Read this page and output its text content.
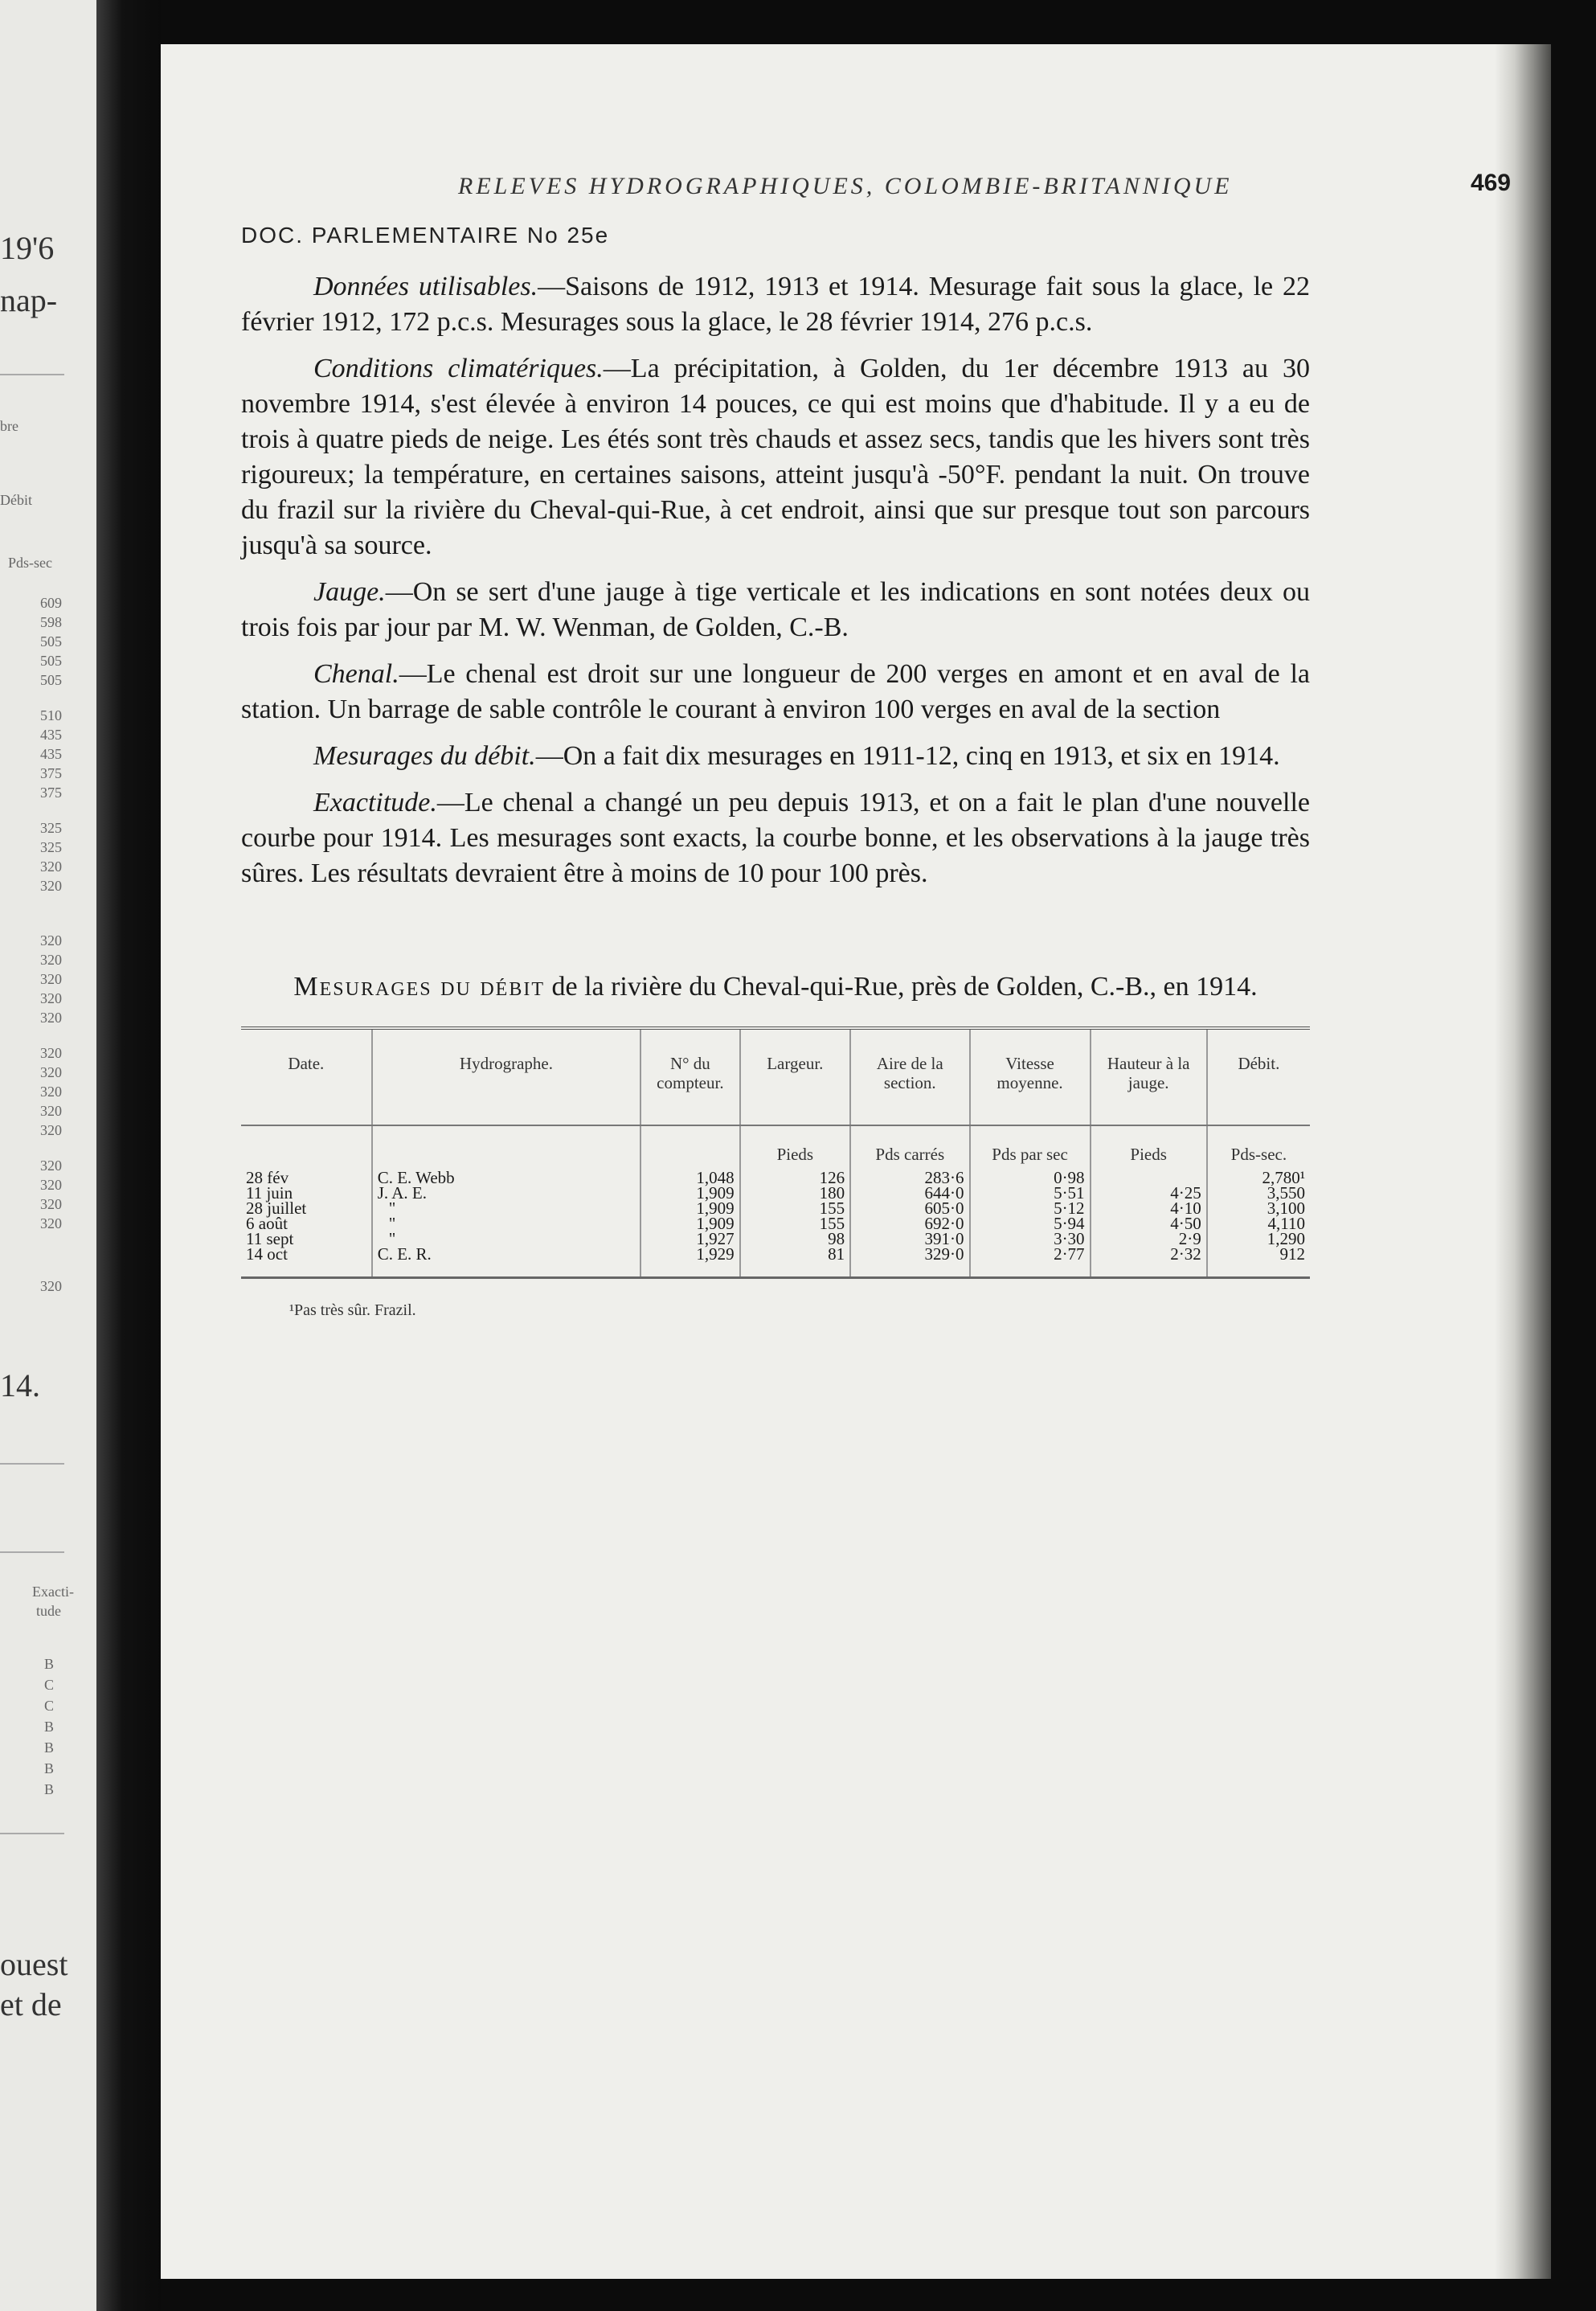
19'6
nap-
bre
Débit
Pds-sec
609
598
505
505
505
510
435
435
375
375
325
325
320
320
320
320
320
320
320
320
320
320
320
320
320
320
320
320
320
14.
Exacti-
tude
B
C
C
B
B
B
B
ouest
et de
RELEVES HYDROGRAPHIQUES, COLOMBIE-BRITANNIQUE	469
DOC. PARLEMENTAIRE No 25e

Données utilisables.—Saisons de 1912, 1913 et 1914. Mesurage fait sous la glace, le 22 février 1912, 172 p.c.s. Mesurages sous la glace, le 28 février 1914, 276 p.c.s.

Conditions climatériques.—La précipitation, à Golden, du 1er décembre 1913 au 30 novembre 1914, s'est élevée à environ 14 pouces, ce qui est moins que d'habitude. Il y a eu de trois à quatre pieds de neige. Les étés sont très chauds et assez secs, tandis que les hivers sont très rigoureux; la température, en certaines saisons, atteint jusqu'à -50°F. pendant la nuit. On trouve du frazil sur la rivière du Cheval-qui-Rue, à cet endroit, ainsi que sur presque tout son parcours jusqu'à sa source.

Jauge.—On se sert d'une jauge à tige verticale et les indications en sont notées deux ou trois fois par jour par M. W. Wenman, de Golden, C.-B.

Chenal.—Le chenal est droit sur une longueur de 200 verges en amont et en aval de la station. Un barrage de sable contrôle le courant à environ 100 verges en aval de la section

Mesurages du débit.—On a fait dix mesurages en 1911-12, cinq en 1913, et six en 1914.

Exactitude.—Le chenal a changé un peu depuis 1913, et on a fait le plan d'une nouvelle courbe pour 1914. Les mesurages sont exacts, la courbe bonne, et les observations à la jauge très sûres. Les résultats devraient être à moins de 10 pour 100 près.

Mesurages du débit de la rivière du Cheval-qui-Rue, près de Golden, C.-B., en 1914.
Date.	Hydrographe.	N° du compteur.	Largeur.	Aire de la section.	Vitesse moyenne.	Hauteur à la jauge.	Débit.
			Pieds	Pds carrés	Pds par sec	Pieds	Pds-sec.
28 fév	C. E. Webb	1,048	126	283·6	0·98		2,780¹
11 juin	J. A. E.	1,909	180	644·0	5·51	4·25	3,550
28 juillet	"	1,909	155	605·0	5·12	4·10	3,100
6 août	"	1,909	155	692·0	5·94	4·50	4,110
11 sept	"	1,927	98	391·0	3·30	2·9	1,290
14 oct	C. E. R.	1,929	81	329·0	2·77	2·32	912
¹Pas très sûr. Frazil.
